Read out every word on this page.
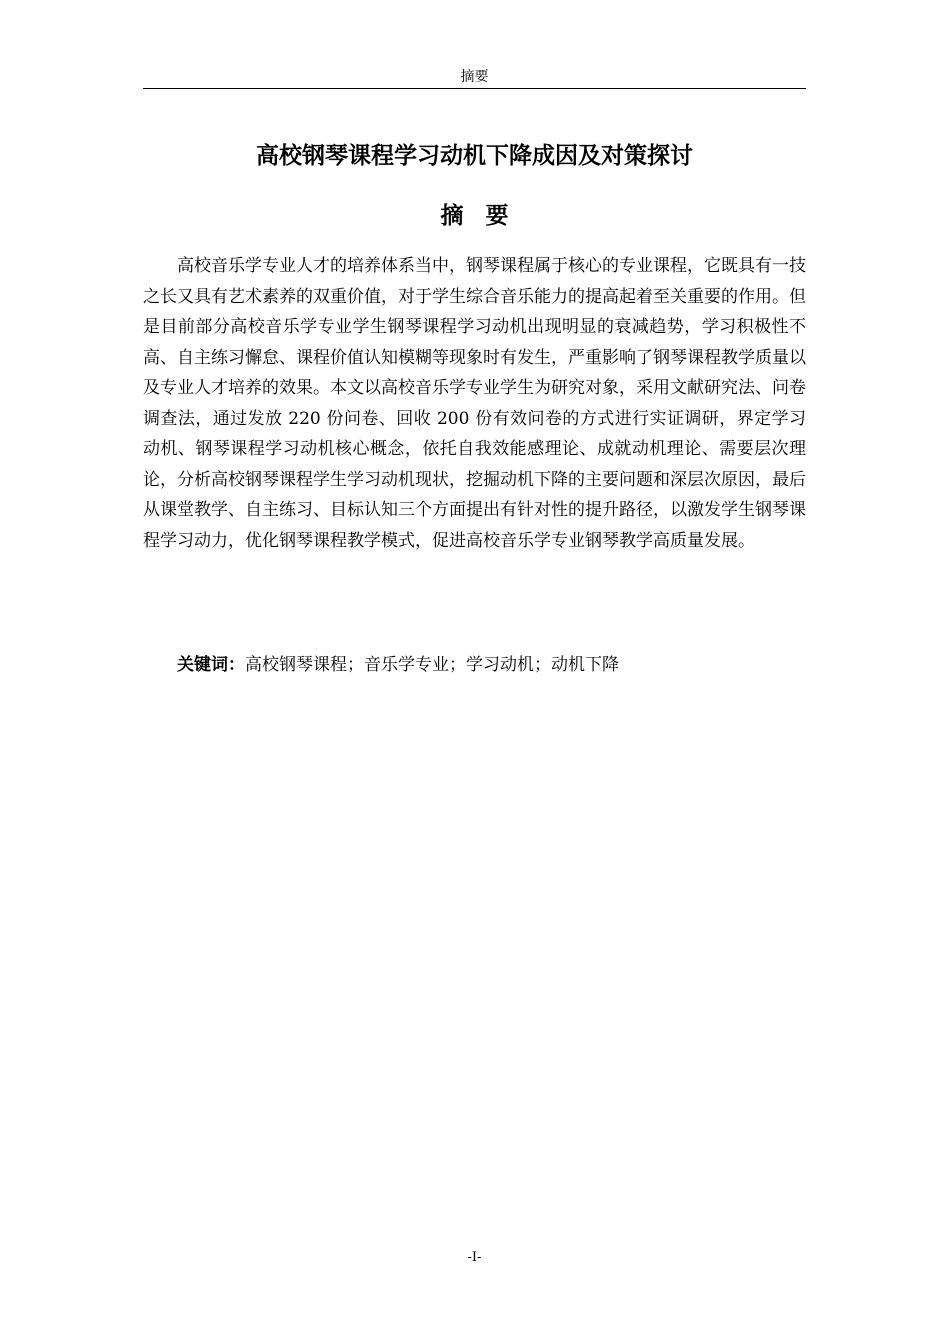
摘要
高校钢琴课程学习动机下降成因及对策探讨
摘要

高校音乐学专业人才的培养体系当中，钢琴课程属于核心的专业课程，它既具有一技之长又具有艺术素养的双重价值，对于学生综合音乐能力的提高起着至关重要的作用。但是目前部分高校音乐学专业学生钢琴课程学习动机出现明显的衰减趋势，学习积极性不高、自主练习懈怠、课程价值认知模糊等现象时有发生，严重影响了钢琴课程教学质量以及专业人才培养的效果。本文以高校音乐学专业学生为研究对象，采用文献研究法、问卷调查法，通过发放 220 份问卷、回收 200 份有效问卷的方式进行实证调研，界定学习动机、钢琴课程学习动机核心概念，依托自我效能感理论、成就动机理论、需要层次理论，分析高校钢琴课程学生学习动机现状，挖掘动机下降的主要问题和深层次原因，最后从课堂教学、自主练习、目标认知三个方面提出有针对性的提升路径，以激发学生钢琴课程学习动力，优化钢琴课程教学模式，促进高校音乐学专业钢琴教学高质量发展。

关键词：高校钢琴课程；音乐学专业；学习动机；动机下降

-I-
